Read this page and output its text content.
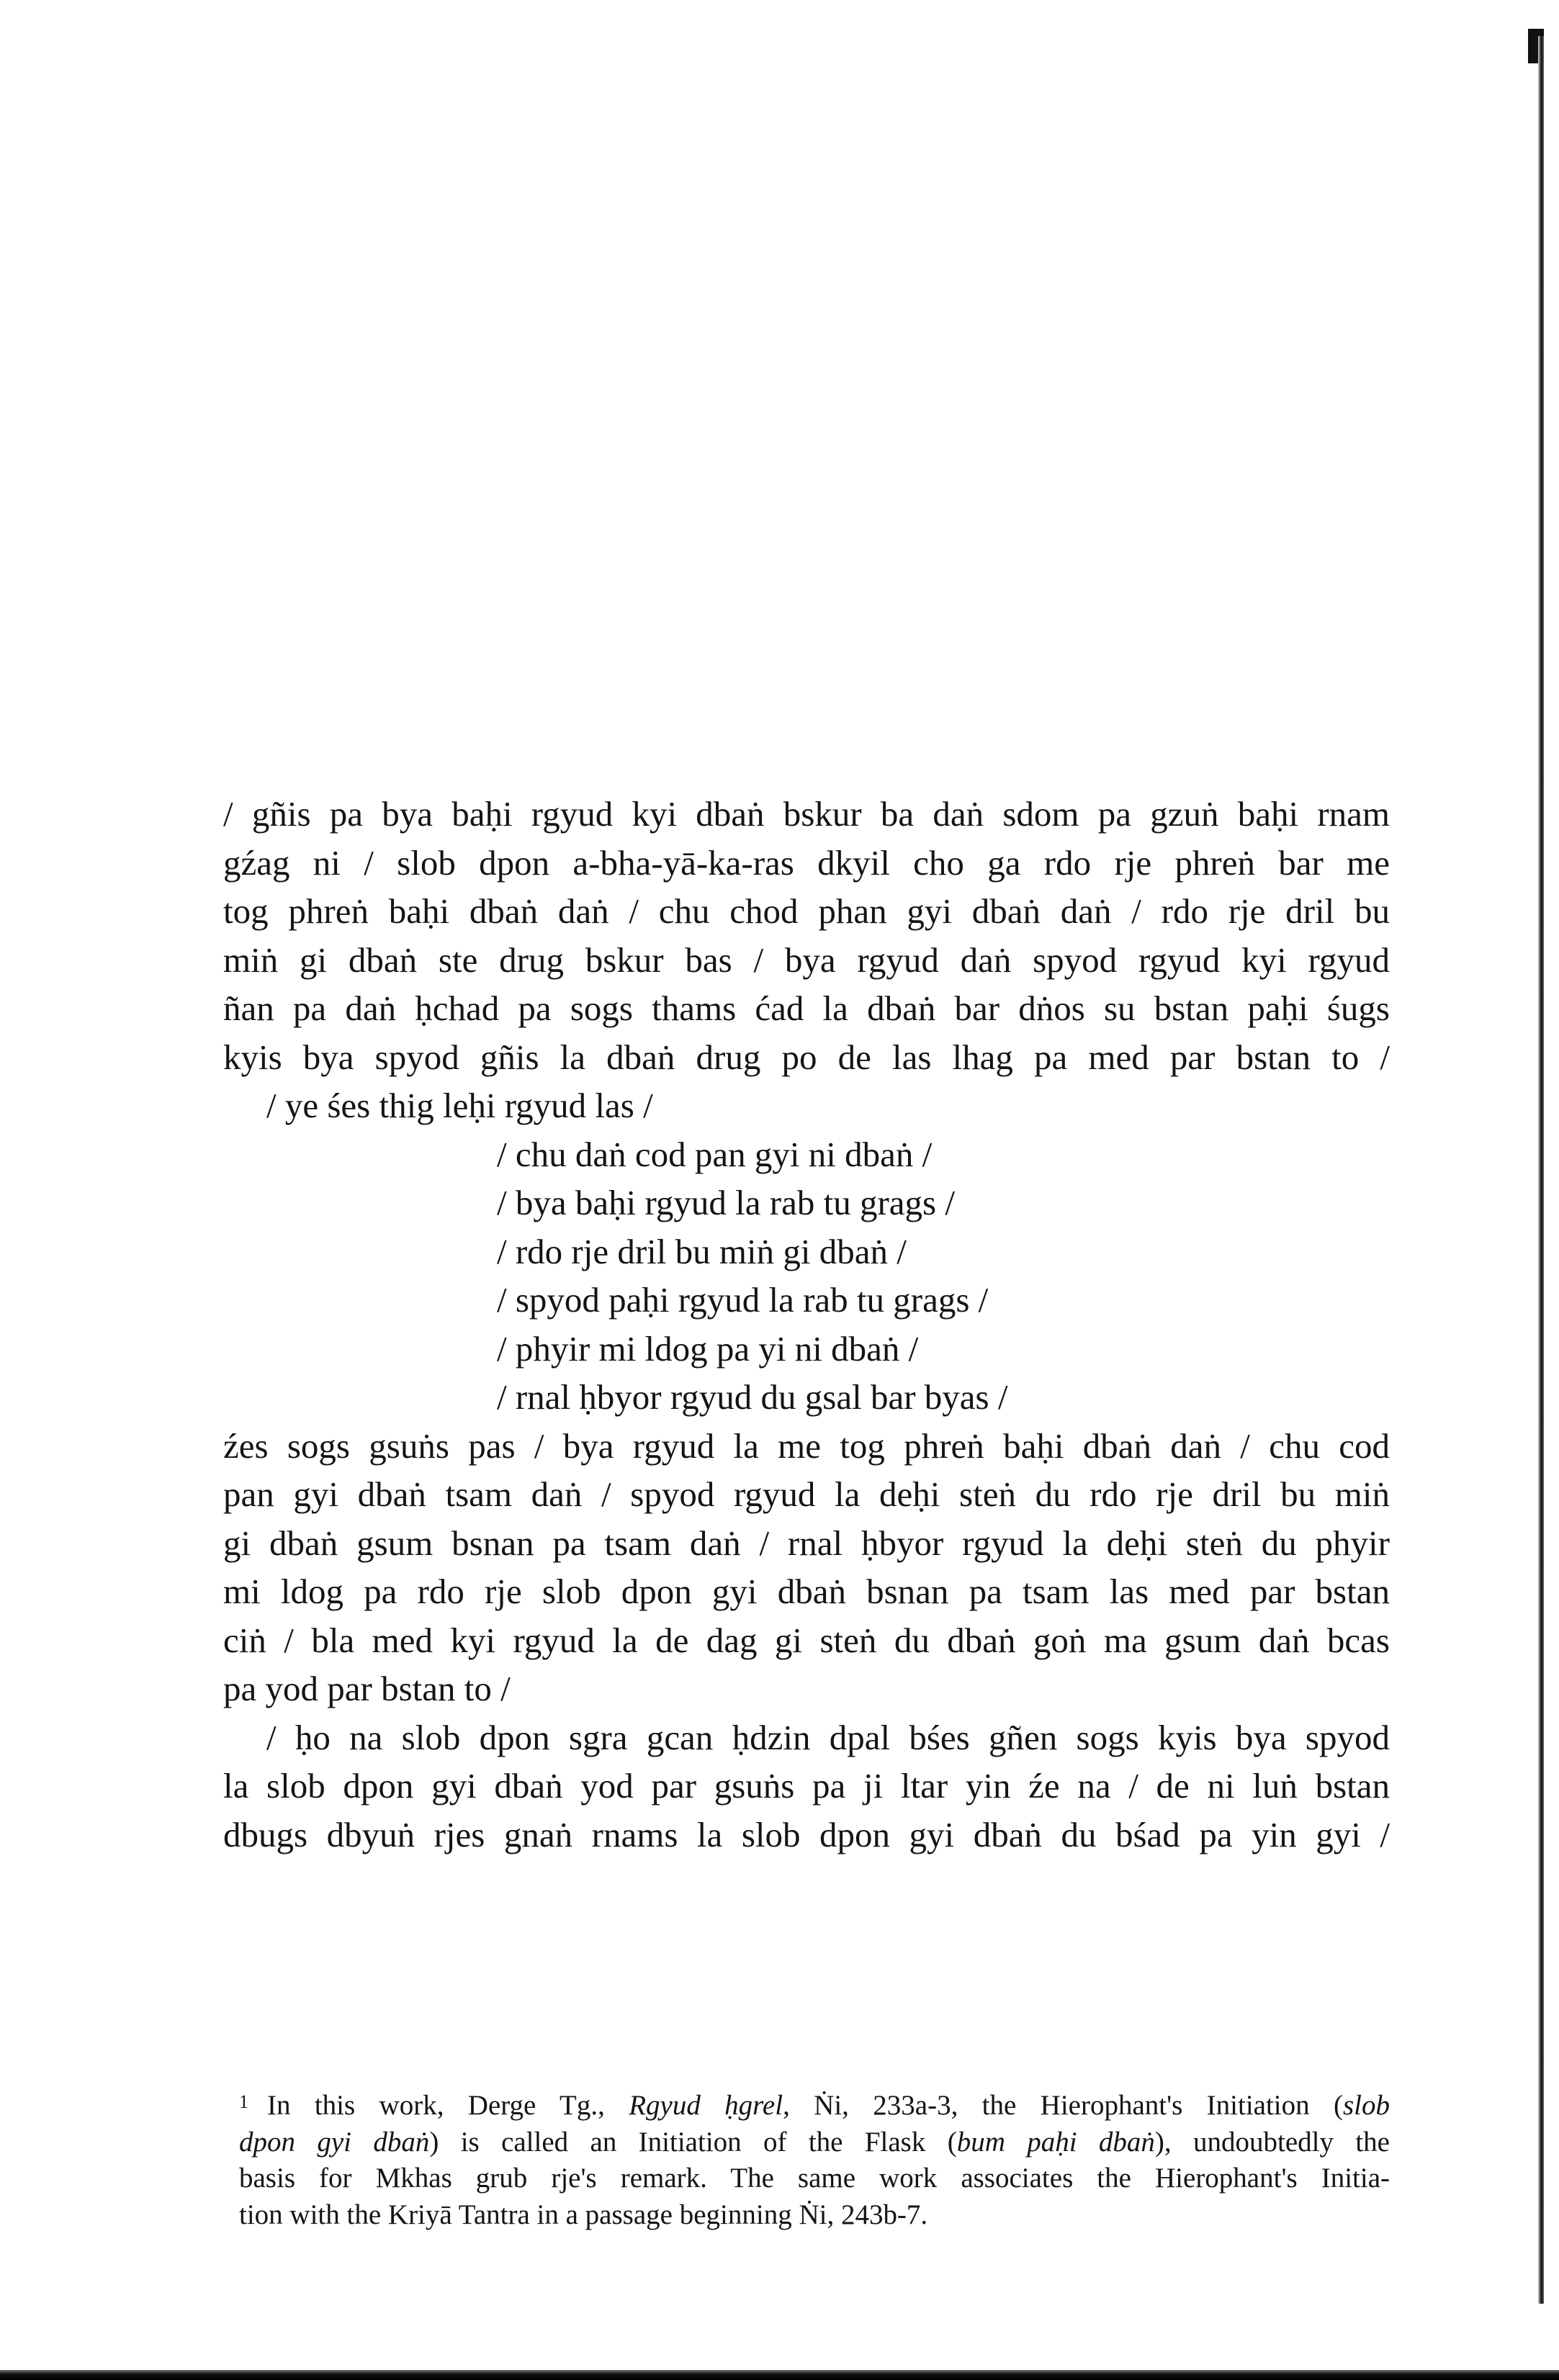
/ gñis pa bya baḥi rgyud kyi dbaṅ bskur ba daṅ sdom pa gzuṅ baḥi rnam
gźag ni / slob dpon a-bha-yā-ka-ras dkyil cho ga rdo rje phreṅ bar me
tog phreṅ baḥi dbaṅ daṅ / chu chod phan gyi dbaṅ daṅ / rdo rje dril bu
miṅ gi dbaṅ ste drug bskur bas / bya rgyud daṅ spyod rgyud kyi rgyud
ñan pa daṅ ḥchad pa sogs thams ćad la dbaṅ bar dṅos su bstan paḥi śugs
kyis bya spyod gñis la dbaṅ drug po de las lhag pa med par bstan to /
/ ye śes thig leḥi rgyud las /
/ chu daṅ cod pan gyi ni dbaṅ /
/ bya baḥi rgyud la rab tu grags /
/ rdo rje dril bu miṅ gi dbaṅ /
/ spyod paḥi rgyud la rab tu grags /
/ phyir mi ldog pa yi ni dbaṅ /
/ rnal ḥbyor rgyud du gsal bar byas /
źes sogs gsuṅs pas / bya rgyud la me tog phreṅ baḥi dbaṅ daṅ / chu cod
pan gyi dbaṅ tsam daṅ / spyod rgyud la deḥi steṅ du rdo rje dril bu miṅ
gi dbaṅ gsum bsnan pa tsam daṅ / rnal ḥbyor rgyud la deḥi steṅ du phyir
mi ldog pa rdo rje slob dpon gyi dbaṅ bsnan pa tsam las med par bstan
ciṅ / bla med kyi rgyud la de dag gi steṅ du dbaṅ goṅ ma gsum daṅ bcas
pa yod par bstan to /
/ ḥo na slob dpon sgra gcan ḥdzin dpal bśes gñen sogs kyis bya spyod
la slob dpon gyi dbaṅ yod par gsuṅs pa ji ltar yin źe na / de ni luṅ bstan
dbugs dbyuṅ rjes gnaṅ rnams la slob dpon gyi dbaṅ du bśad pa yin gyi /
$^1$ In this work, Derge Tg., Rgyud ḥgrel, Ṅi, 233a-3, the Hierophant's Initiation (slob
dpon gyi dbaṅ) is called an Initiation of the Flask (bum paḥi dbaṅ), undoubtedly the
basis for Mkhas grub rje's remark. The same work associates the Hierophant's Initia-
tion with the Kriyā Tantra in a passage beginning Ṅi, 243b-7.
